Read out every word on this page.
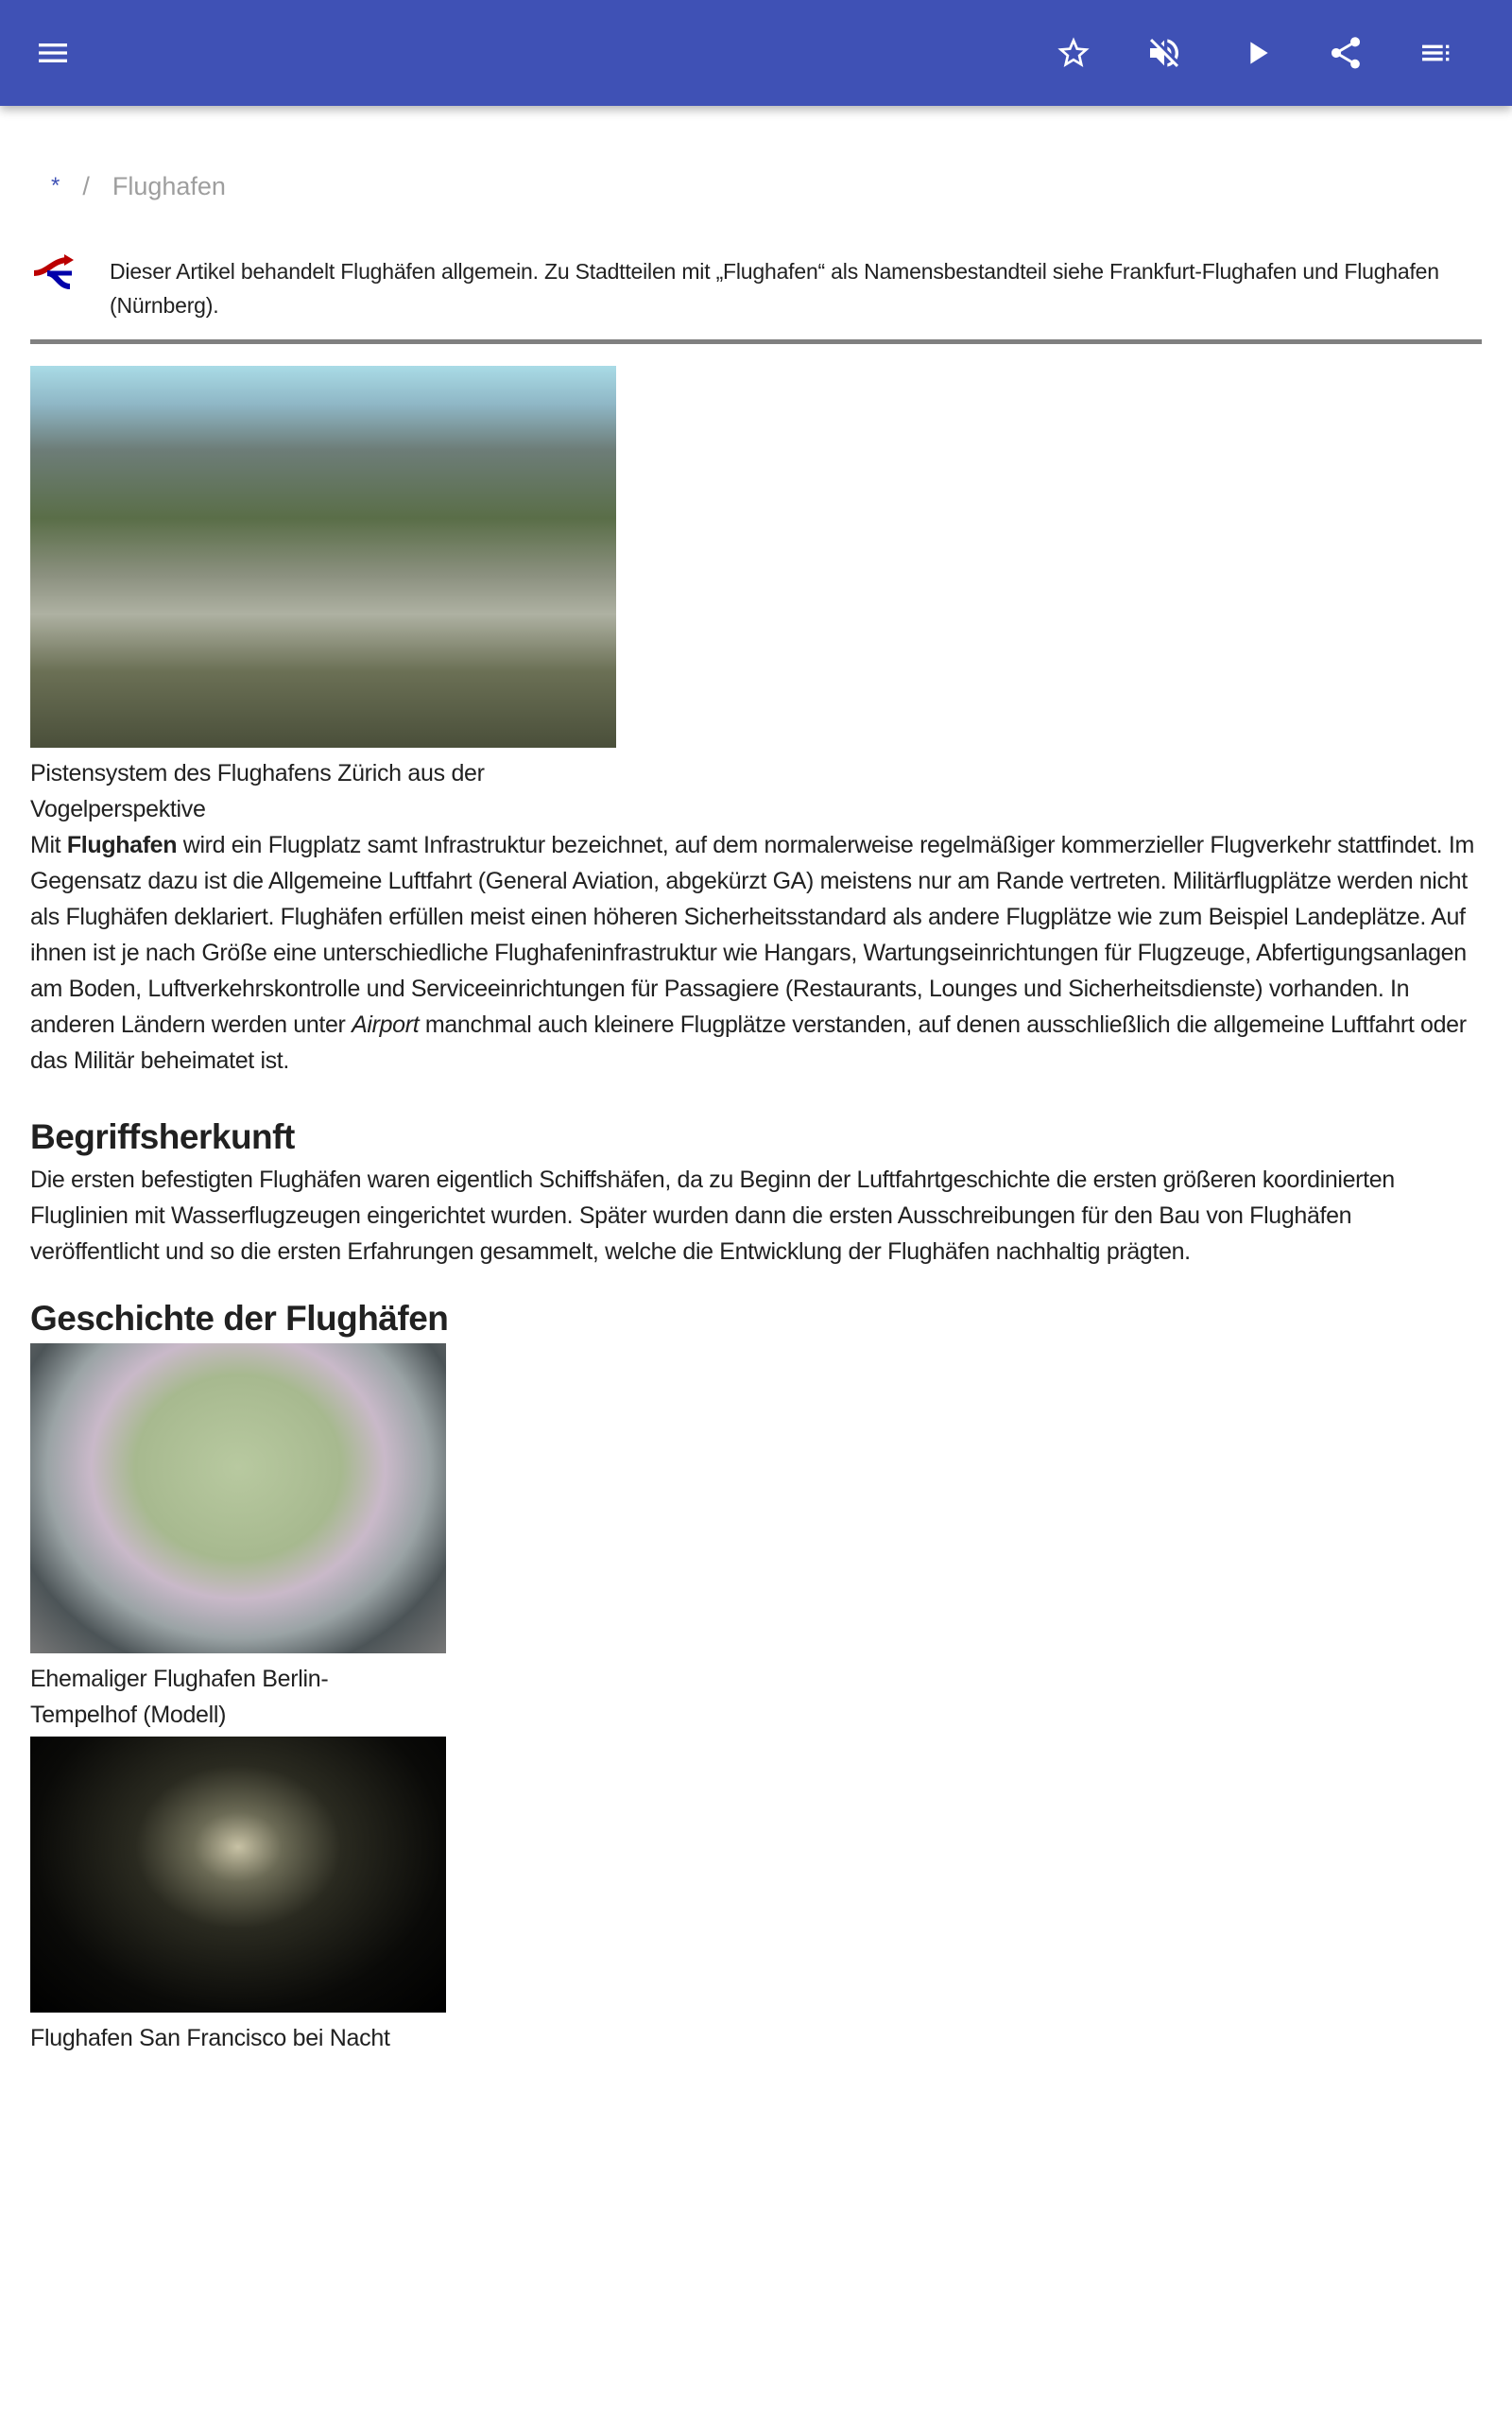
* / Flughafen
Dieser Artikel behandelt Flughäfen allgemein. Zu Stadtteilen mit „Flughafen“ als Namensbestandteil siehe Frankfurt-Flughafen und Flughafen (Nürnberg).
Pistensystem des Flughafens Zürich aus der Vogelperspektive

Mit Flughafen wird ein Flugplatz samt Infrastruktur bezeichnet, auf dem normalerweise regelmäßiger kommerzieller Flugverkehr stattfindet. Im Gegensatz dazu ist die Allgemeine Luftfahrt (General Aviation, abgekürzt GA) meistens nur am Rande vertreten. Militärflugplätze werden nicht als Flughäfen deklariert. Flughäfen erfüllen meist einen höheren Sicherheitsstandard als andere Flugplätze wie zum Beispiel Landeplätze. Auf ihnen ist je nach Größe eine unterschiedliche Flughafeninfrastruktur wie Hangars, Wartungseinrichtungen für Flugzeuge, Abfertigungsanlagen am Boden, Luftverkehrskontrolle und Serviceeinrichtungen für Passagiere (Restaurants, Lounges und Sicherheitsdienste) vorhanden. In anderen Ländern werden unter Airport manchmal auch kleinere Flugplätze verstanden, auf denen ausschließlich die allgemeine Luftfahrt oder das Militär beheimatet ist.

Begriffsherkunft

Die ersten befestigten Flughäfen waren eigentlich Schiffshäfen, da zu Beginn der Luftfahrtgeschichte die ersten größeren koordinierten Fluglinien mit Wasserflugzeugen eingerichtet wurden. Später wurden dann die ersten Ausschreibungen für den Bau von Flughäfen veröffentlicht und so die ersten Erfahrungen gesammelt, welche die Entwicklung der Flughäfen nachhaltig prägten.

Geschichte der Flughäfen
Ehemaliger Flughafen Berlin-Tempelhof (Modell)
Flughafen San Francisco bei Nacht
